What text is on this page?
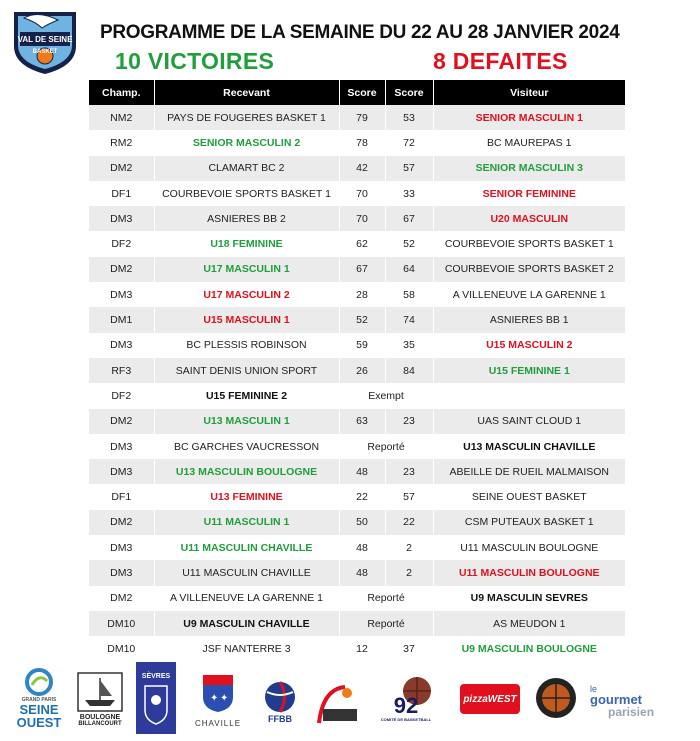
VAL DE SEINE
BASKET
PROGRAMME DE LA SEMAINE DU 22 AU 28 JANVIER 2024
10 VICTOIRES	8 DEFAITES
Champ.	Recevant	Score	Score	Visiteur
NM2	PAYS DE FOUGERES BASKET 1	79	53	SENIOR MASCULIN 1
RM2	SENIOR MASCULIN 2	78	72	BC MAUREPAS 1
DM2	CLAMART BC 2	42	57	SENIOR MASCULIN 3
DF1	COURBEVOIE SPORTS BASKET 1	70	33	SENIOR FEMININE
DM3	ASNIERES BB 2	70	67	U20 MASCULIN
DF2	U18 FEMININE	62	52	COURBEVOIE SPORTS BASKET 1
DM2	U17 MASCULIN 1	67	64	COURBEVOIE SPORTS BASKET 2
DM3	U17 MASCULIN 2	28	58	A VILLENEUVE LA GARENNE 1
DM1	U15 MASCULIN 1	52	74	ASNIERES BB 1
DM3	BC PLESSIS ROBINSON	59	35	U15 MASCULIN 2
RF3	SAINT DENIS UNION SPORT	26	84	U15 FEMININE 1
DF2	U15 FEMININE 2	Exempt		
DM2	U13 MASCULIN 1	63	23	UAS SAINT CLOUD 1
DM3	BC GARCHES VAUCRESSON	Reporté		U13 MASCULIN CHAVILLE
DM3	U13 MASCULIN BOULOGNE	48	23	ABEILLE DE RUEIL MALMAISON
DF1	U13 FEMININE	22	57	SEINE OUEST BASKET
DM2	U11 MASCULIN 1	50	22	CSM PUTEAUX BASKET 1
DM3	U11 MASCULIN CHAVILLE	48	2	U11 MASCULIN BOULOGNE
DM3	U11 MASCULIN CHAVILLE	48	2	U11 MASCULIN BOULOGNE
DM2	A VILLENEUVE LA GARENNE 1	Reporté		U9 MASCULIN SEVRES
DM10	U9 MASCULIN CHAVILLE	Reporté		AS MEUDON 1
DM10	JSF NANTERRE 3	12	37	U9 MASCULIN BOULOGNE
GRAND PARIS
SEINE
OUEST	BOULOGNE
BILLANCOURT
SÈVRES
✦ ✦
CHAVILLE	FFBB
92
COMITÉ DE BASKETBALL
pizzaWEST
le
gourmet
parisien
